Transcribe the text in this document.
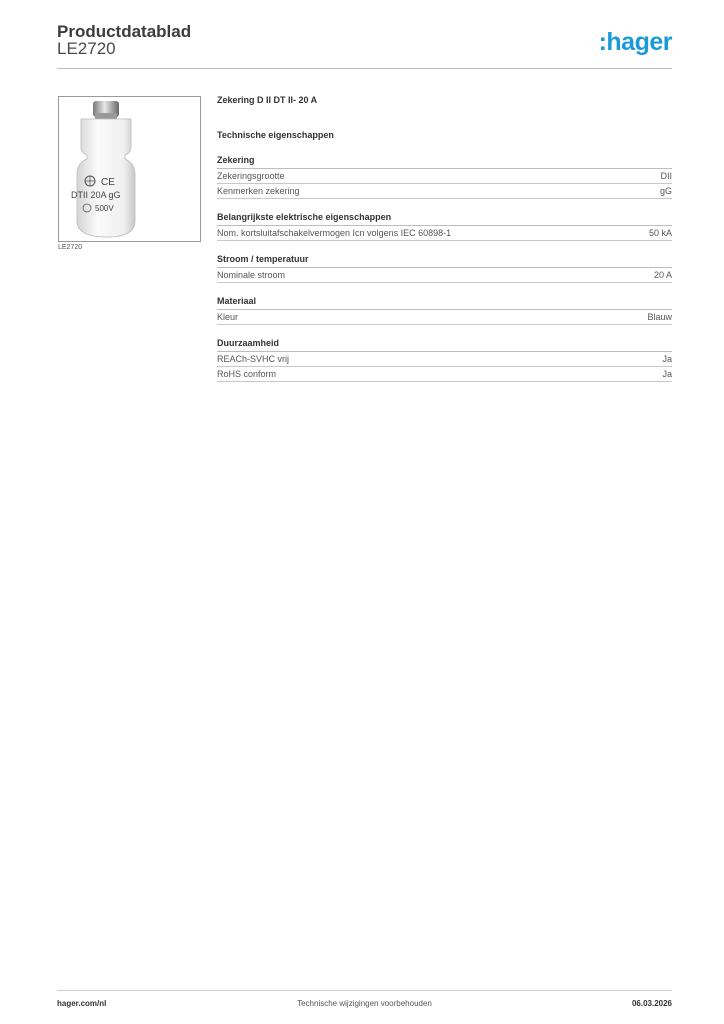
Productdatablad
LE2720	:hager
CE
DTII 20A gG
500V
LE2720
Zekering D II DT II- 20 A
Technische eigenschappen
Zekering
Zekeringsgrootte	DII
Kenmerken zekering	gG
Belangrijkste elektrische eigenschappen
Nom. kortsluitafschakelvermogen Icn volgens IEC 60898-1	50 kA
Stroom / temperatuur
Nominale stroom	20 A
Materiaal
Kleur	Blauw
Duurzaamheid
REACh-SVHC vrij	Ja
RoHS conform	Ja
hager.com/nl	Technische wijzigingen voorbehouden	06.03.2026
